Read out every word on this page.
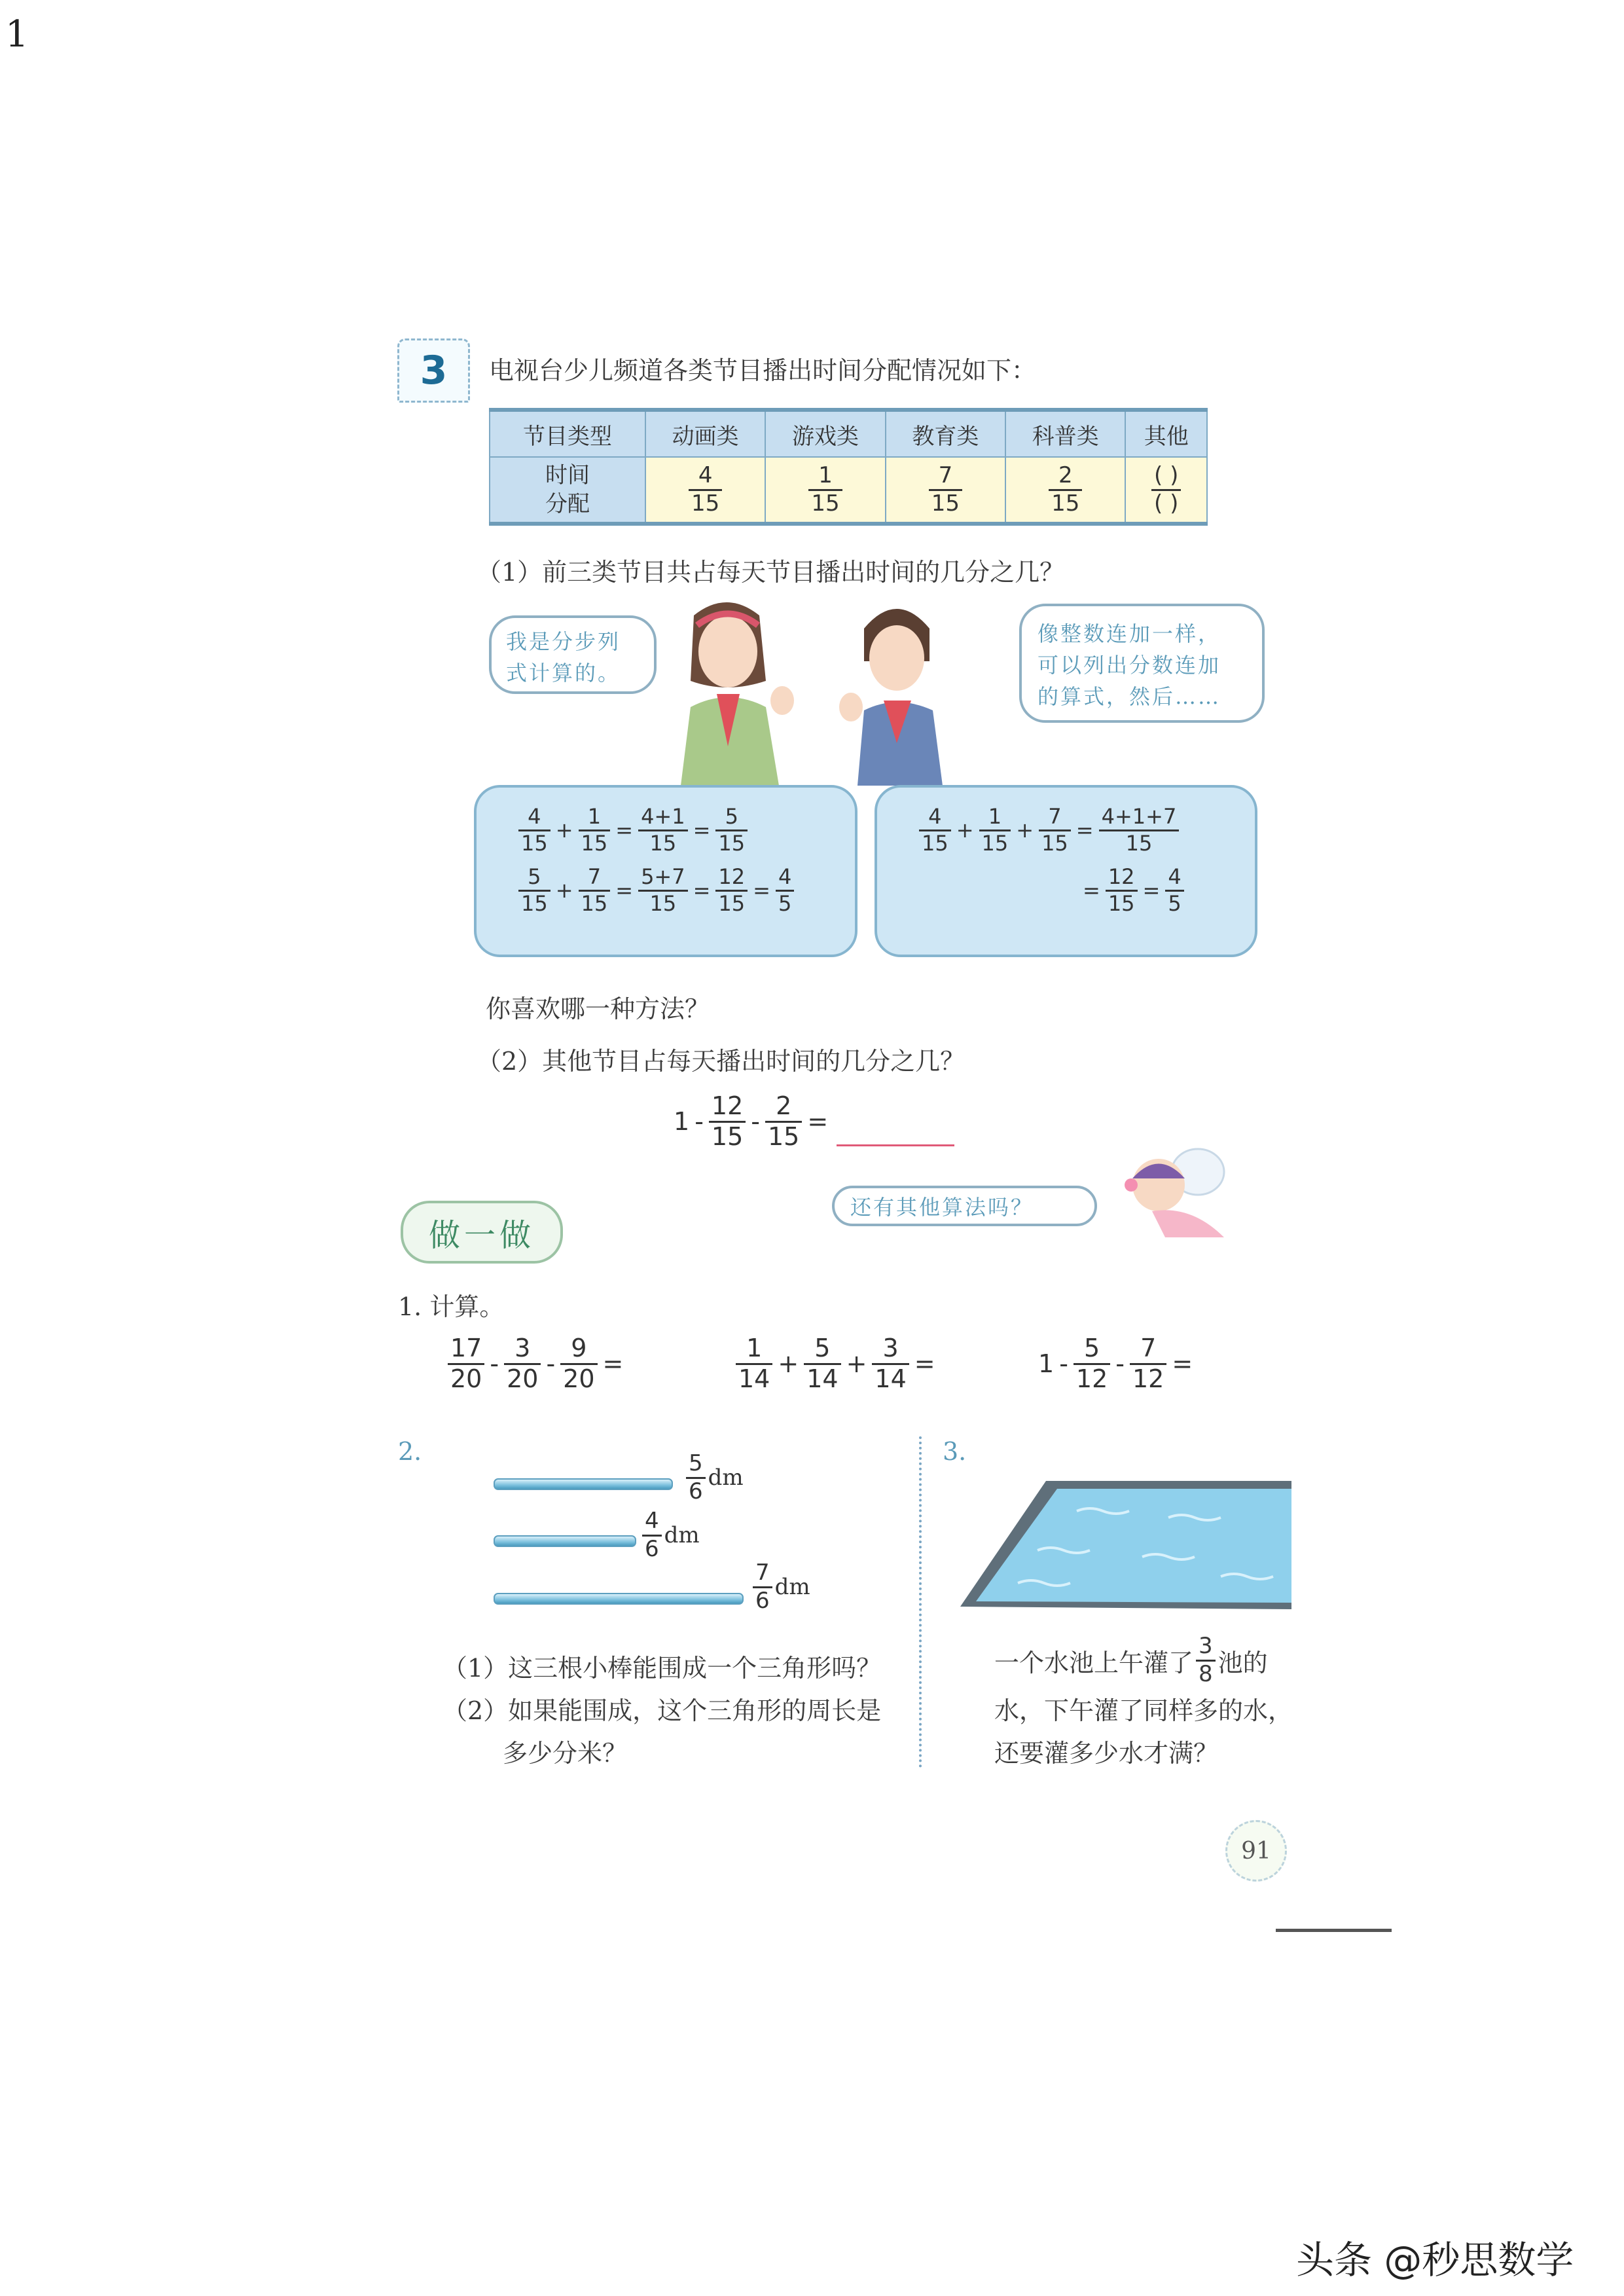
1
3	电视台少儿频道各类节目播出时间分配情况如下：
节目类型	动画类	游戏类	教育类	科普类	其他
时间
分配	$\frac{4}{15}$	$\frac{1}{15}$	$\frac{7}{15}$	$\frac{2}{15}$	$\frac{( )}{( )}$
（1）前三类节目共占每天节目播出时间的几分之几？
我是分步列
式计算的。
像整数连加一样，
可以列出分数连加
的算式，然后……
$\frac{4}{15} + \frac{1}{15} = \frac{4+1}{15} = \frac{5}{15}$
$\frac{5}{15} + \frac{7}{15} = \frac{5+7}{15} = \frac{12}{15} = \frac{4}{5}$
$\frac{4}{15} + \frac{1}{15} + \frac{7}{15} = \frac{4+1+7}{15}$
= $\frac{12}{15} = \frac{4}{5}$
你喜欢哪一种方法？
（2）其他节目占每天播出时间的几分之几？
$1 - \frac{12}{15} - \frac{2}{15}$ =
做一做
还有其他算法吗？
1. 计算。
$\frac{17}{20} - \frac{3}{20} - \frac{9}{20}$ =	$\frac{1}{14} + \frac{5}{14} + \frac{3}{14}$ =	$1 - \frac{5}{12} - \frac{7}{12}$ =
2.
$\frac{5}{6}$ dm
$\frac{4}{6}$ dm
$\frac{7}{6}$ dm
（1）这三根小棒能围成一个三角形吗？
（2）如果能围成，这个三角形的周长是
多少分米？
3.
一个水池上午灌了 $\frac{3}{8}$ 池的
水，下午灌了同样多的水，
还要灌多少水才满？
91
头条 @秒思数学
